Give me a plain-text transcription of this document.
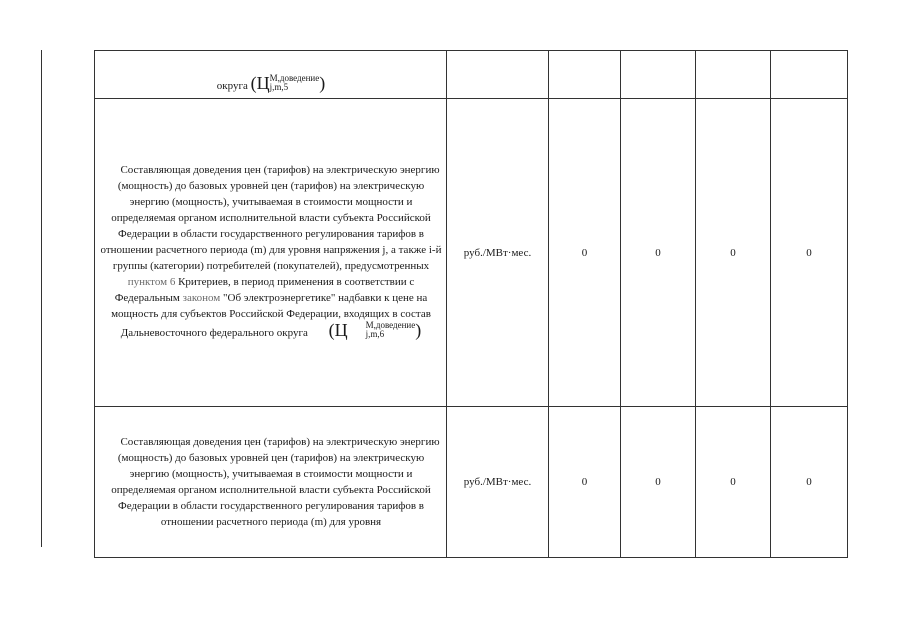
округа (Ц М,доведение
j,m,5 )					

Составляющая доведения цен (тарифов) на электрическую энергию (мощность) до базовых уровней цен (тарифов) на электрическую энергию (мощность), учитываемая в стоимости мощности и определяемая органом исполнительной власти субъекта Российской Федерации в области государственного регулирования тарифов в отношении расчетного периода (m) для уровня напряжения j, а также i-й группы (категории) потребителей (покупателей), предусмотренных пунктом 6 Критериев, в период применения в соответствии с Федеральным законом "Об электроэнергетике" надбавки к цене на мощность для субъектов Российской Федерации, входящих в состав Дальневосточного федерального округа (Ц М,доведение
j,m,6 )	руб./МВт·мес.	0	0	0	0

Составляющая доведения цен (тарифов) на электрическую энергию (мощность) до базовых уровней цен (тарифов) на электрическую энергию (мощность), учитываемая в стоимости мощности и определяемая органом исполнительной власти субъекта Российской Федерации в области государственного регулирования тарифов в отношении расчетного периода (m) для уровня	руб./МВт·мес.	0	0	0	0
